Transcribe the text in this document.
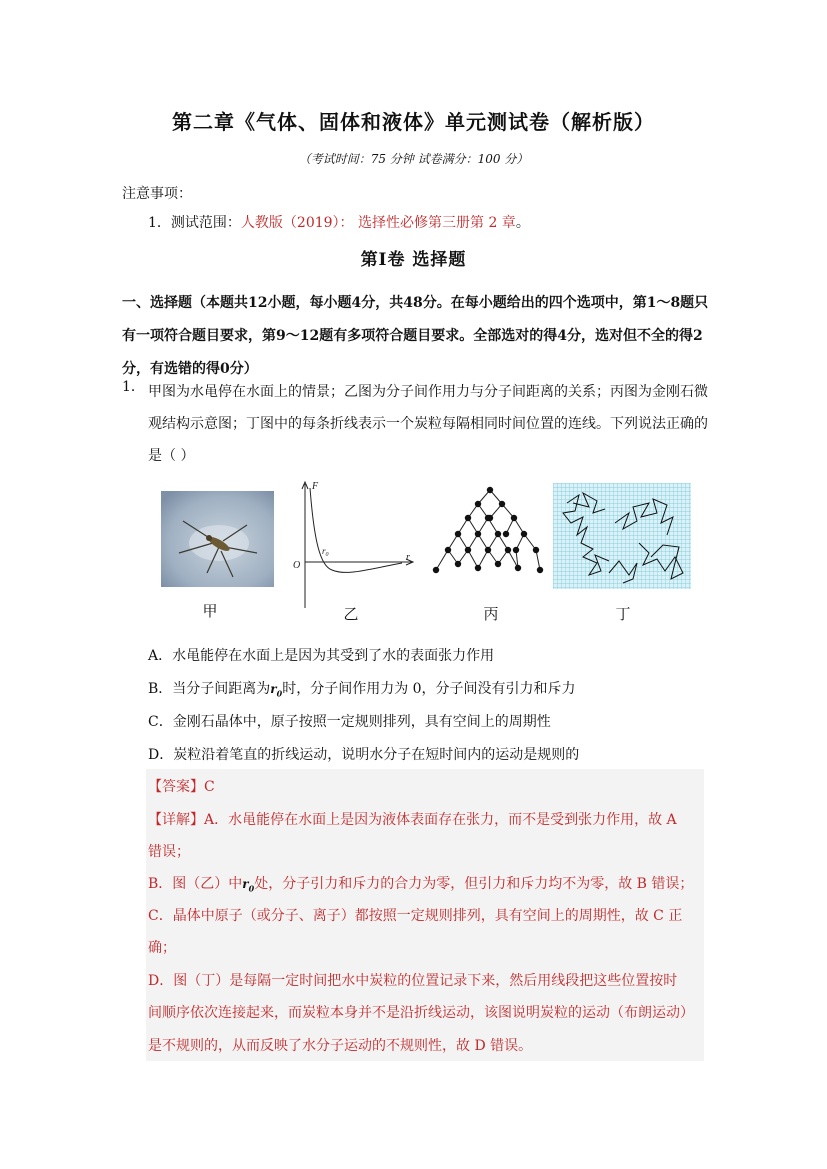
第二章《气体、固体和液体》单元测试卷（解析版）
（考试时间：75 分钟 试卷满分：100 分）
注意事项：
1．测试范围：人教版（2019）： 选择性必修第三册第 2 章。
第Ⅰ卷 选择题
一、选择题（本题共12小题，每小题4分，共48分。在每小题给出的四个选项中，第1～8题只有一项符合题目要求，第9～12题有多项符合题目要求。全部选对的得4分，选对但不全的得2分，有选错的得0分）
1． 甲图为水黾停在水面上的情景；乙图为分子间作用力与分子间距离的关系；丙图为金刚石微观结构示意图；丁图中的每条折线表示一个炭粒每隔相同时间位置的连线。下列说法正确的是（ ）
F
r
O
$r_0$
甲	乙	丙	丁
A．水黾能停在水面上是因为其受到了水的表面张力作用
B．当分子间距离为$r_0$时，分子间作用力为 0，分子间没有引力和斥力
C．金刚石晶体中，原子按照一定规则排列，具有空间上的周期性
D．炭粒沿着笔直的折线运动，说明水分子在短时间内的运动是规则的
【答案】C
【详解】A．水黾能停在水面上是因为液体表面存在张力，而不是受到张力作用，故 A
错误；
B．图（乙）中$r_0$处，分子引力和斥力的合力为零，但引力和斥力均不为零，故 B 错误；
C．晶体中原子（或分子、离子）都按照一定规则排列，具有空间上的周期性，故 C 正
确；
D．图（丁）是每隔一定时间把水中炭粒的位置记录下来，然后用线段把这些位置按时
间顺序依次连接起来，而炭粒本身并不是沿折线运动，该图说明炭粒的运动（布朗运动）
是不规则的，从而反映了水分子运动的不规则性，故 D 错误。
